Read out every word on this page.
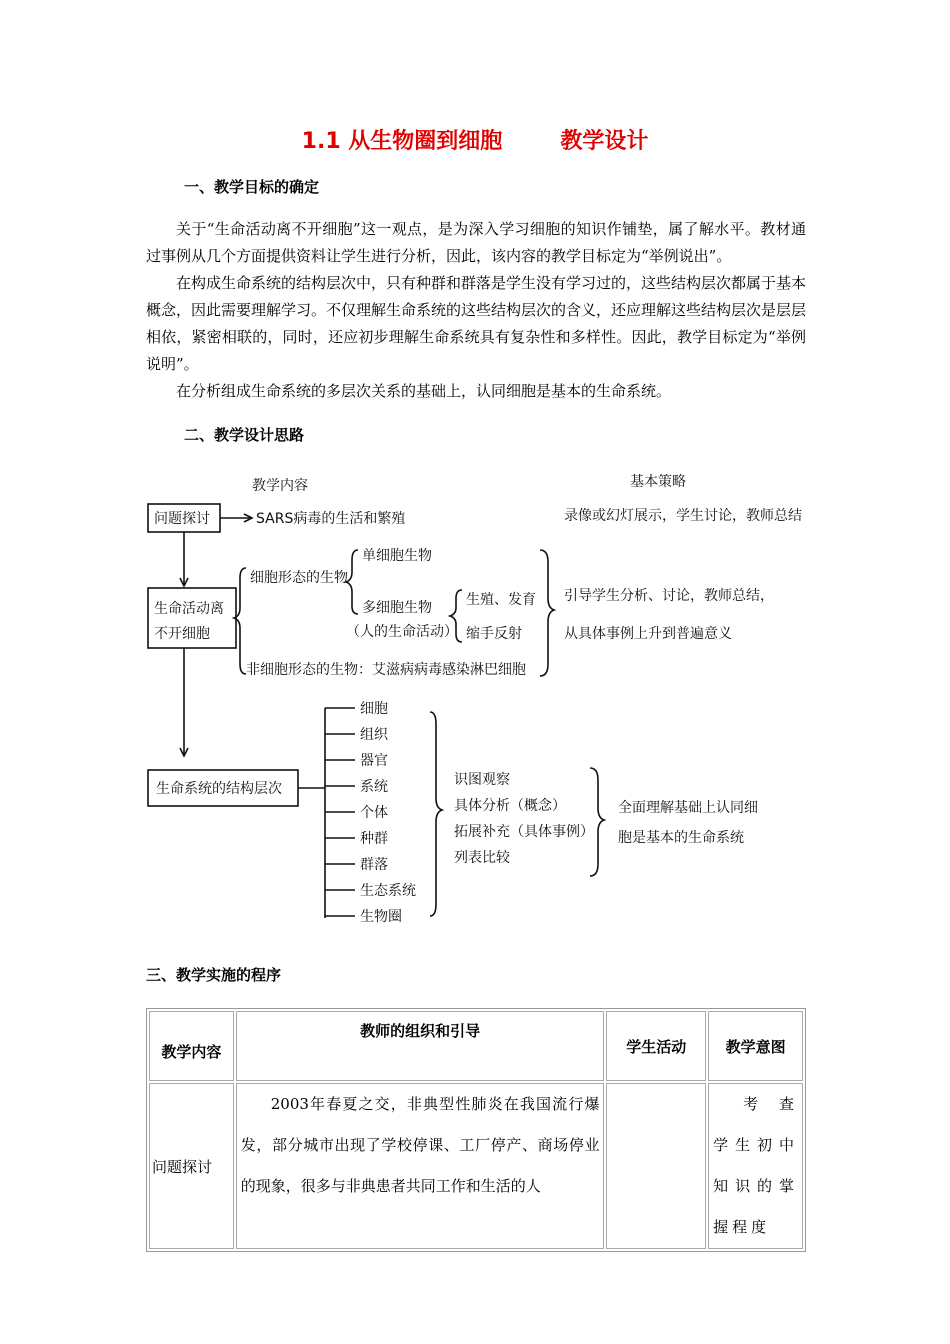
1.1 从生物圈到细胞	教学设计
一、教学目标的确定

关于“生命活动离不开细胞”这一观点，是为深入学习细胞的知识作铺垫，属了解水平。教材通过事例从几个方面提供资料让学生进行分析，因此，该内容的教学目标定为“举例说出”。

在构成生命系统的结构层次中，只有种群和群落是学生没有学习过的，这些结构层次都属于基本概念，因此需要理解学习。不仅理解生命系统的这些结构层次的含义，还应理解这些结构层次是层层相依，紧密相联的，同时，还应初步理解生命系统具有复杂性和多样性。因此，教学目标定为“举例说明”。

在分析组成生命系统的多层次关系的基础上，认同细胞是基本的生命系统。

二、教学设计思路
教学内容	基本策略
问题探讨	SARS病毒的生活和繁殖	录像或幻灯展示，学生讨论，教师总结
生命活动离
不开细胞
细胞形态的生物
单细胞生物
多细胞生物
（人的生命活动）
生殖、发育
缩手反射
非细胞形态的生物：艾滋病病毒感染淋巴细胞
引导学生分析、讨论，教师总结，
从具体事例上升到普遍意义
生命系统的结构层次
细胞
组织
器官
系统
个体
种群
群落
生态系统
生物圈
识图观察
具体分析（概念）
拓展补充（具体事例）
列表比较
全面理解基础上认同细
胞是基本的生命系统
三、教学实施的程序
教学内容	教师的组织和引导	学生活动	教学意图
问题探讨	2003年春夏之交，非典型性肺炎在我国流行爆发，部分城市出现了学校停课、工厂停产、商场停业的现象，很多与非典患者共同工作和生活的人		考查学生初中知识的掌握程度
